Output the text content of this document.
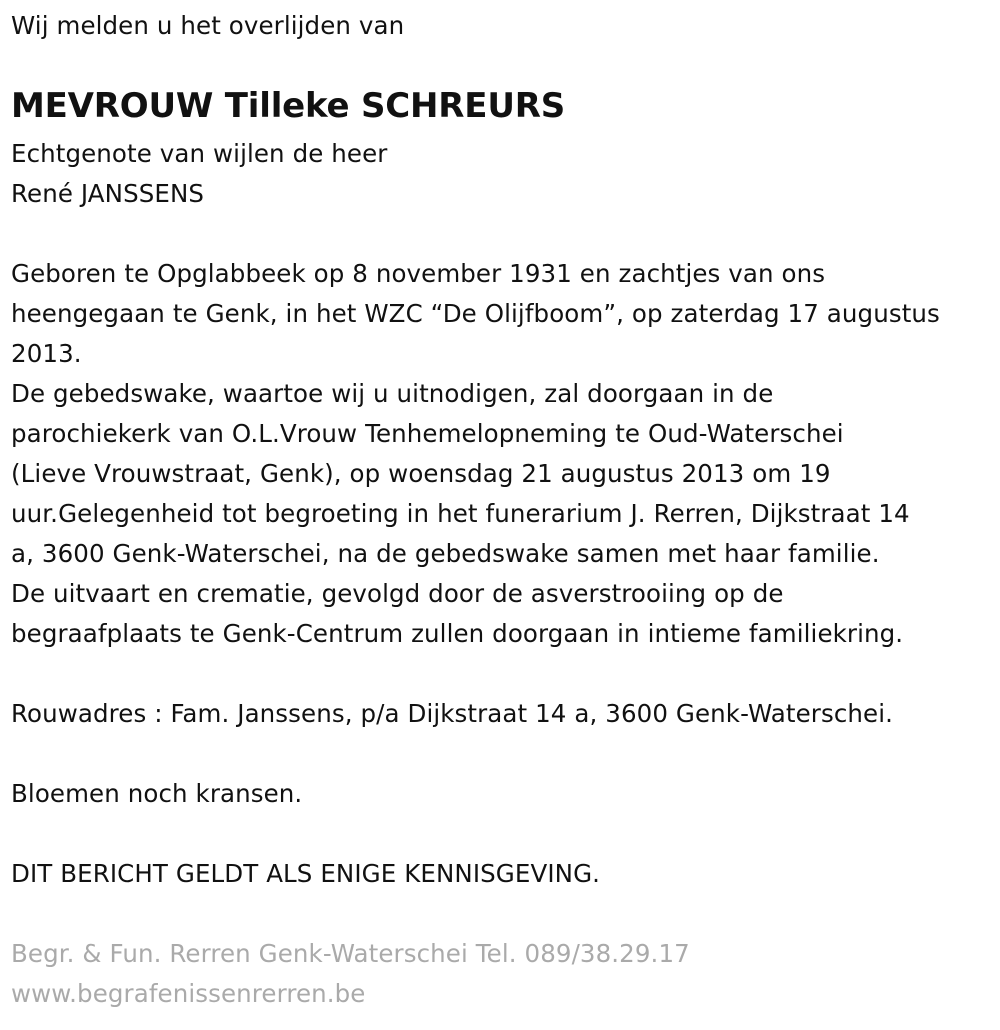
Wij melden u het overlijden van
MEVROUW Tilleke SCHREURS
Echtgenote van wijlen de heer
René JANSSENS
Geboren te Opglabbeek op 8 november 1931 en zachtjes van ons
heengegaan te Genk, in het WZC “De Olijfboom”, op zaterdag 17 augustus
2013.
De gebedswake, waartoe wij u uitnodigen, zal doorgaan in de
parochiekerk van O.L.Vrouw Tenhemelopneming te Oud-Waterschei
(Lieve Vrouwstraat, Genk), op woensdag 21 augustus 2013 om 19
uur.Gelegenheid tot begroeting in het funerarium J. Rerren, Dijkstraat 14
a, 3600 Genk-Waterschei, na de gebedswake samen met haar familie.
De uitvaart en crematie, gevolgd door de asverstrooiing op de
begraafplaats te Genk-Centrum zullen doorgaan in intieme familiekring.
Rouwadres : Fam. Janssens, p/a Dijkstraat 14 a, 3600 Genk-Waterschei.
Bloemen noch kransen.
DIT BERICHT GELDT ALS ENIGE KENNISGEVING.
Begr. & Fun. Rerren Genk-Waterschei Tel. 089/38.29.17
www.begrafenissenrerren.be
